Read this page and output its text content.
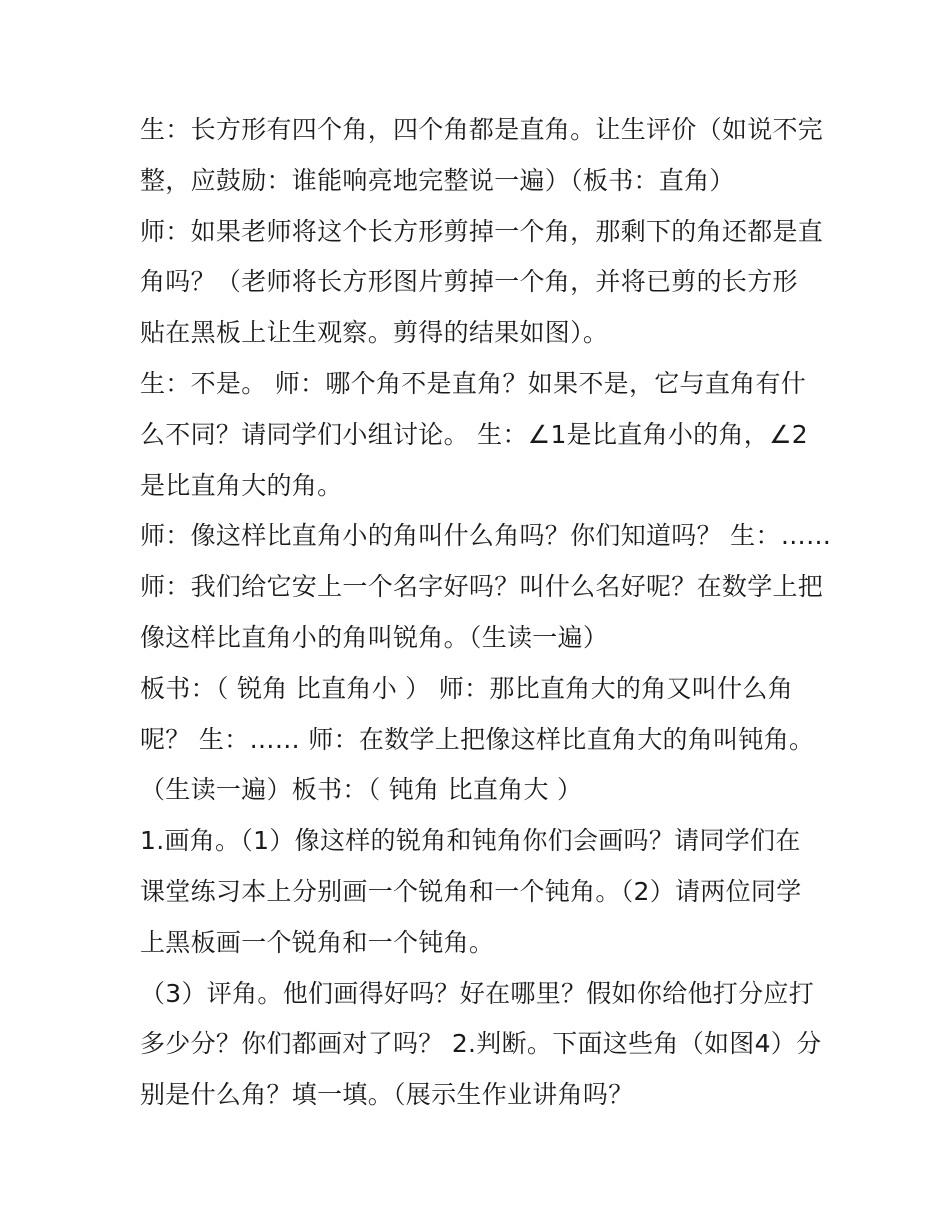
生：长方形有四个角，四个角都是直角。让生评价（如说不完
整，应鼓励：谁能响亮地完整说一遍）（板书：直角）
师：如果老师将这个长方形剪掉一个角，那剩下的角还都是直
角吗？（老师将长方形图片剪掉一个角，并将已剪的长方形
贴在黑板上让生观察。剪得的结果如图）。
生：不是。 师：哪个角不是直角？如果不是，它与直角有什
么不同？请同学们小组讨论。 生：∠1是比直角小的角，∠2
是比直角大的角。
师：像这样比直角小的角叫什么角吗？你们知道吗？ 生：……
师：我们给它安上一个名字好吗？叫什么名好呢？在数学上把
像这样比直角小的角叫锐角。（生读一遍）
板书：（ 锐角 比直角小 ） 师：那比直角大的角又叫什么角
呢？ 生：…… 师：在数学上把像这样比直角大的角叫钝角。
（生读一遍）板书：（ 钝角 比直角大 ）
1.画角。（1）像这样的锐角和钝角你们会画吗？请同学们在
课堂练习本上分别画一个锐角和一个钝角。（2）请两位同学
上黑板画一个锐角和一个钝角。
（3）评角。他们画得好吗？好在哪里？假如你给他打分应打
多少分？你们都画对了吗？ 2.判断。下面这些角（如图4）分
别是什么角？填一填。（展示生作业讲角吗？
